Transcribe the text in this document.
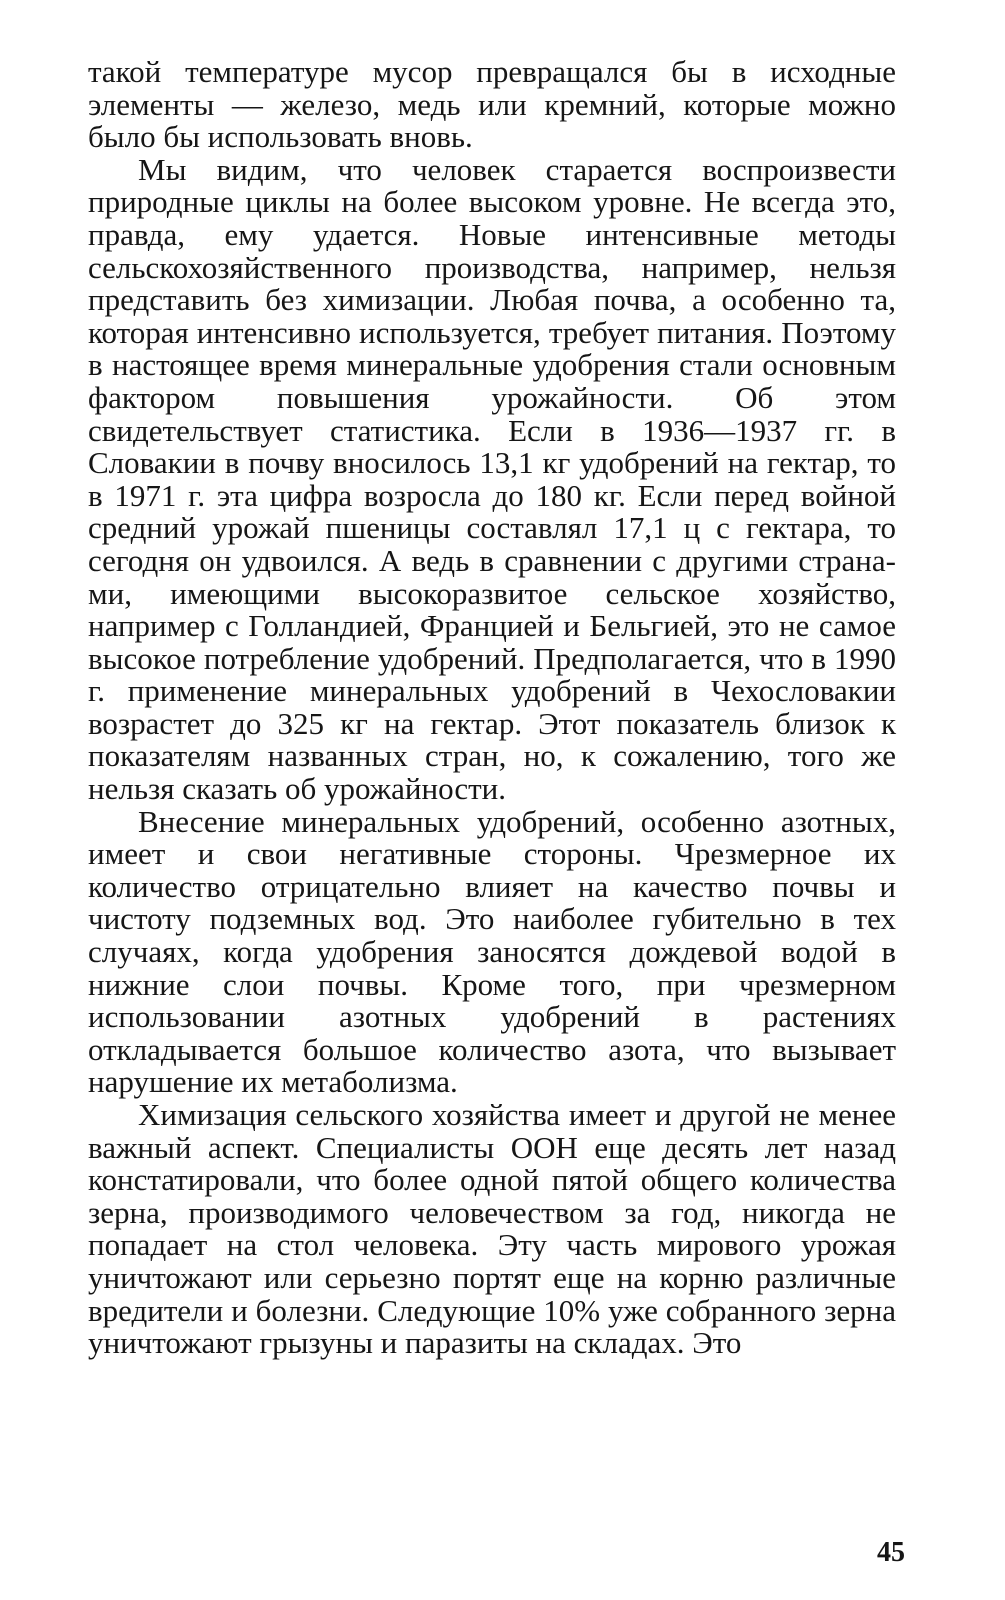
такой температуре мусор превращался бы в исходные элементы — железо, медь или кремний, которые можно было бы использовать вновь.

Мы видим, что человек старается воспроизвести природные циклы на более высоком уровне. Не всегда это, правда, ему удается. Новые интенсивные методы сельскохозяйственного производства, например, нельзя представить без химизации. Любая почва, а особенно та, которая интенсивно используется, требует питания. Поэтому в настоящее время минеральные удобрения стали основным фактором повышения урожайности. Об этом свидетельствует статистика. Если в 1936—1937 гг. в Словакии в почву вносилось 13,1 кг удобрений на гектар, то в 1971 г. эта цифра возросла до 180 кг. Если перед войной средний урожай пшеницы составлял 17,1 ц с гектара, то сегодня он удвоился. А ведь в сравнении с другими странами, имеющими высокоразвитое сельское хозяйство, например с Голландией, Францией и Бельгией, это не самое высокое потребление удобрений. Предполагается, что в 1990 г. применение минеральных удобрений в Чехословакии возрастет до 325 кг на гектар. Этот показатель близок к показателям названных стран, но, к сожалению, того же нельзя сказать об урожайности.

Внесение минеральных удобрений, особенно азотных, имеет и свои негативные стороны. Чрезмерное их количество отрицательно влияет на качество почвы и чистоту подземных вод. Это наиболее губительно в тех случаях, когда удобрения заносятся дождевой водой в нижние слои почвы. Кроме того, при чрезмерном использовании азотных удобрений в растениях откладывается большое количество азота, что вызывает нарушение их метаболизма.

Химизация сельского хозяйства имеет и другой не менее важный аспект. Специалисты ООН еще десять лет назад констатировали, что более одной пятой общего количества зерна, производимого человечеством за год, никогда не попадает на стол человека. Эту часть мирового урожая уничтожают или серьезно портят еще на корню различные вредители и болезни. Следующие 10% уже собранного зерна уничтожают грызуны и паразиты на складах. Это

45
